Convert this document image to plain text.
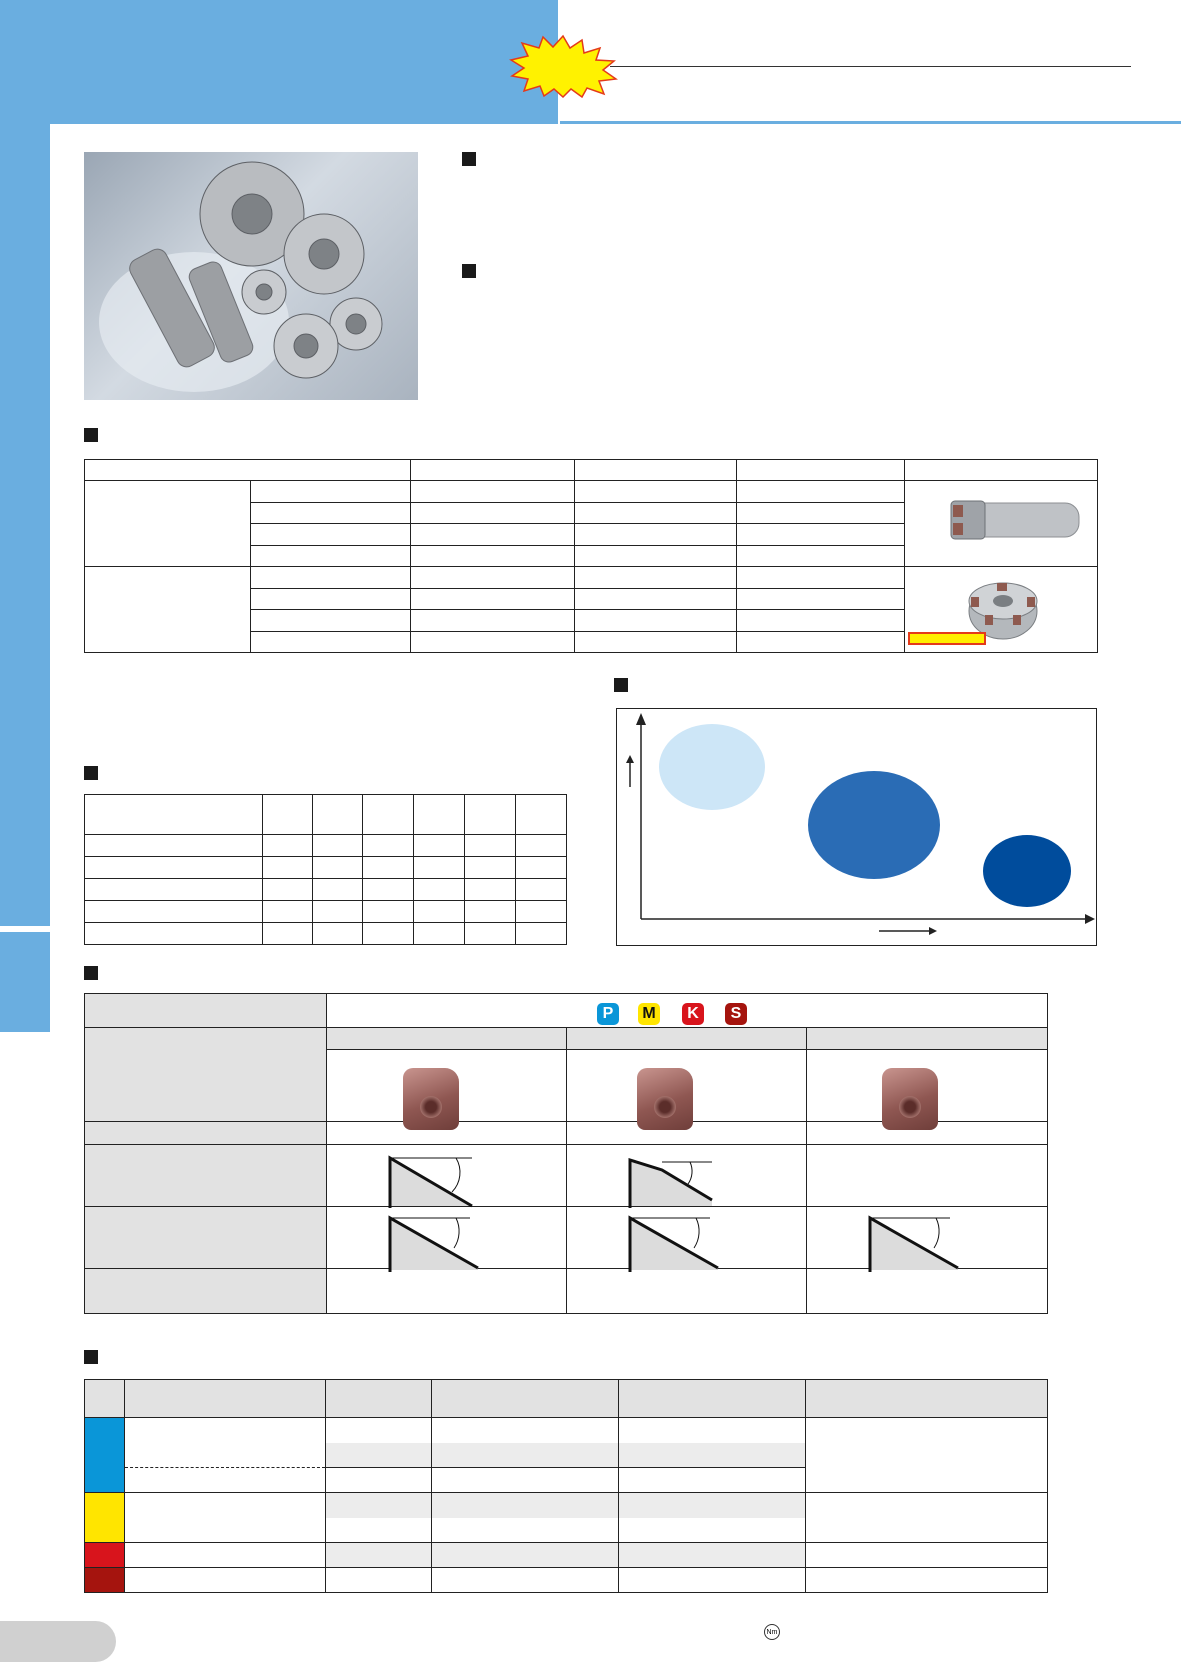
P	M	K	S

Nm
